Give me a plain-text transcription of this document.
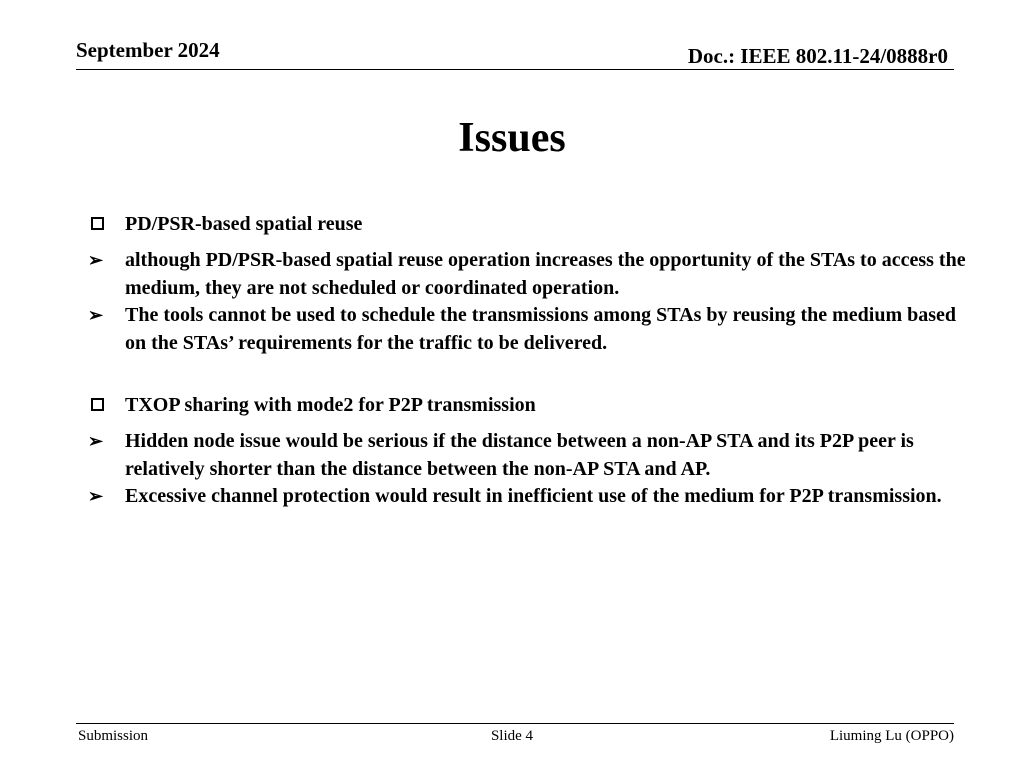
September 2024	Doc.: IEEE 802.11-24/0888r0
Issues
PD/PSR-based spatial reuse
➢ although PD/PSR-based spatial reuse operation increases the opportunity of the STAs to access the medium, they are not scheduled or coordinated operation.
➢ The tools cannot be used to schedule the transmissions among STAs by reusing the medium based on the STAs’ requirements for the traffic to be delivered.
TXOP sharing with mode2 for P2P transmission
➢ Hidden node issue would be serious if the distance between a non-AP STA and its P2P peer is relatively shorter than the distance between the non-AP STA and AP.
➢ Excessive channel protection would result in inefficient use of the medium for P2P transmission.
Submission	Slide 4	Liuming Lu (OPPO)
